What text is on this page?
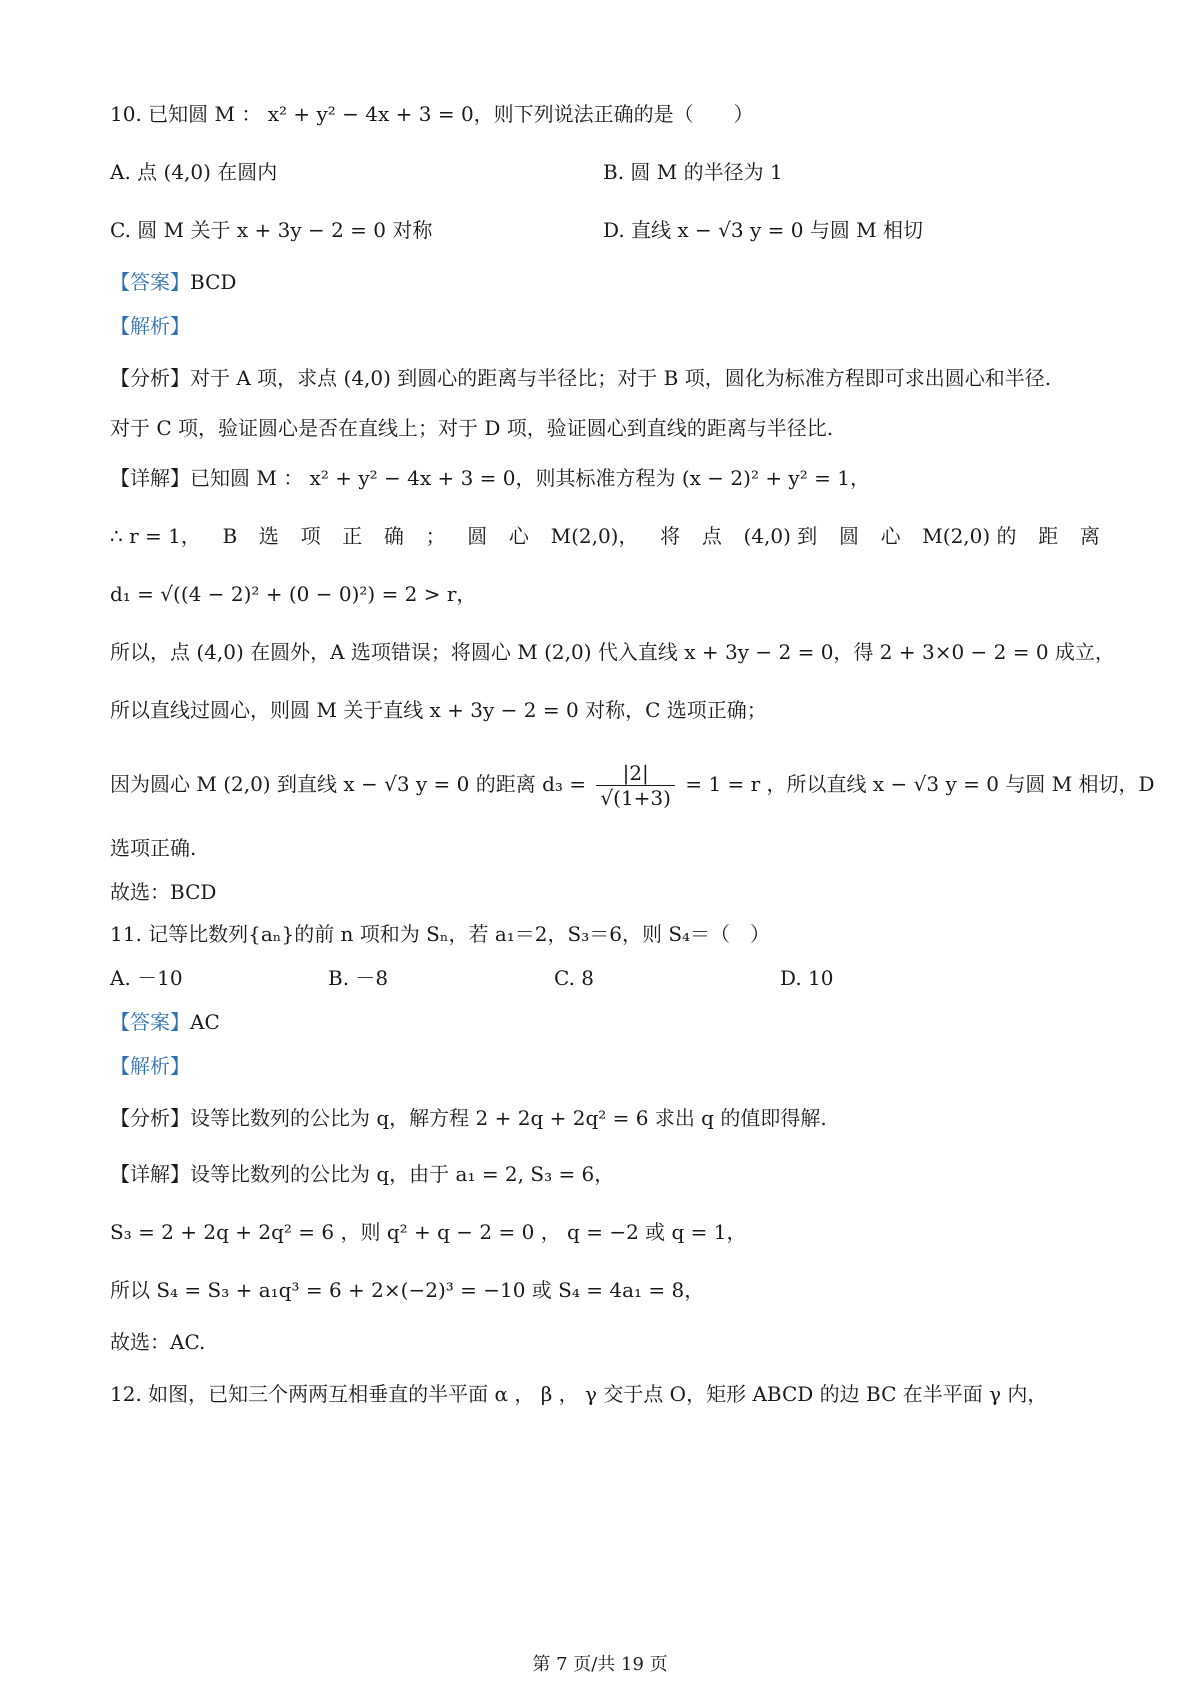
10. 已知圆 M ： x² + y² − 4x + 3 = 0，则下列说法正确的是（　　）
A. 点 (4,0) 在圆内	B. 圆 M 的半径为 1
C. 圆 M 关于 x + 3y − 2 = 0 对称	D. 直线 x − √3 y = 0 与圆 M 相切
【答案】BCD
【解析】
【分析】对于 A 项，求点 (4,0) 到圆心的距离与半径比；对于 B 项，圆化为标准方程即可求出圆心和半径.
对于 C 项，验证圆心是否在直线上；对于 D 项，验证圆心到直线的距离与半径比.
【详解】已知圆 M ： x² + y² − 4x + 3 = 0，则其标准方程为 (x − 2)² + y² = 1，
∴ r = 1， B 选 项 正 确 ； 圆 心 M(2,0)， 将 点 (4,0) 到 圆 心 M(2,0) 的 距 离
d₁ = √((4 − 2)² + (0 − 0)²) = 2 > r，
所以，点 (4,0) 在圆外，A 选项错误；将圆心 M (2,0) 代入直线 x + 3y − 2 = 0，得 2 + 3×0 − 2 = 0 成立，
所以直线过圆心，则圆 M 关于直线 x + 3y − 2 = 0 对称，C 选项正确；
因为圆心 M (2,0) 到直线 x − √3 y = 0 的距离 $d_3 = \frac{|2|}{√(1+3)} = 1 = r$ ，所以直线 x − √3 y = 0 与圆 M 相切，D
选项正确.
故选：BCD
11. 记等比数列{aₙ}的前 n 项和为 Sₙ，若 a₁＝2，S₃＝6，则 S₄＝（　）
A. －10	B. －8	C. 8	D. 10
【答案】AC
【解析】
【分析】设等比数列的公比为 q，解方程 2 + 2q + 2q² = 6 求出 q 的值即得解.
【详解】设等比数列的公比为 q，由于 a₁ = 2, S₃ = 6，
S₃ = 2 + 2q + 2q² = 6 ，则 q² + q − 2 = 0 ， q = −2 或 q = 1，
所以 S₄ = S₃ + a₁q³ = 6 + 2×(−2)³ = −10 或 S₄ = 4a₁ = 8，
故选：AC.
12. 如图，已知三个两两互相垂直的半平面 α ， β ， γ 交于点 O，矩形 ABCD 的边 BC 在半平面 γ 内，
第 7 页/共 19 页
